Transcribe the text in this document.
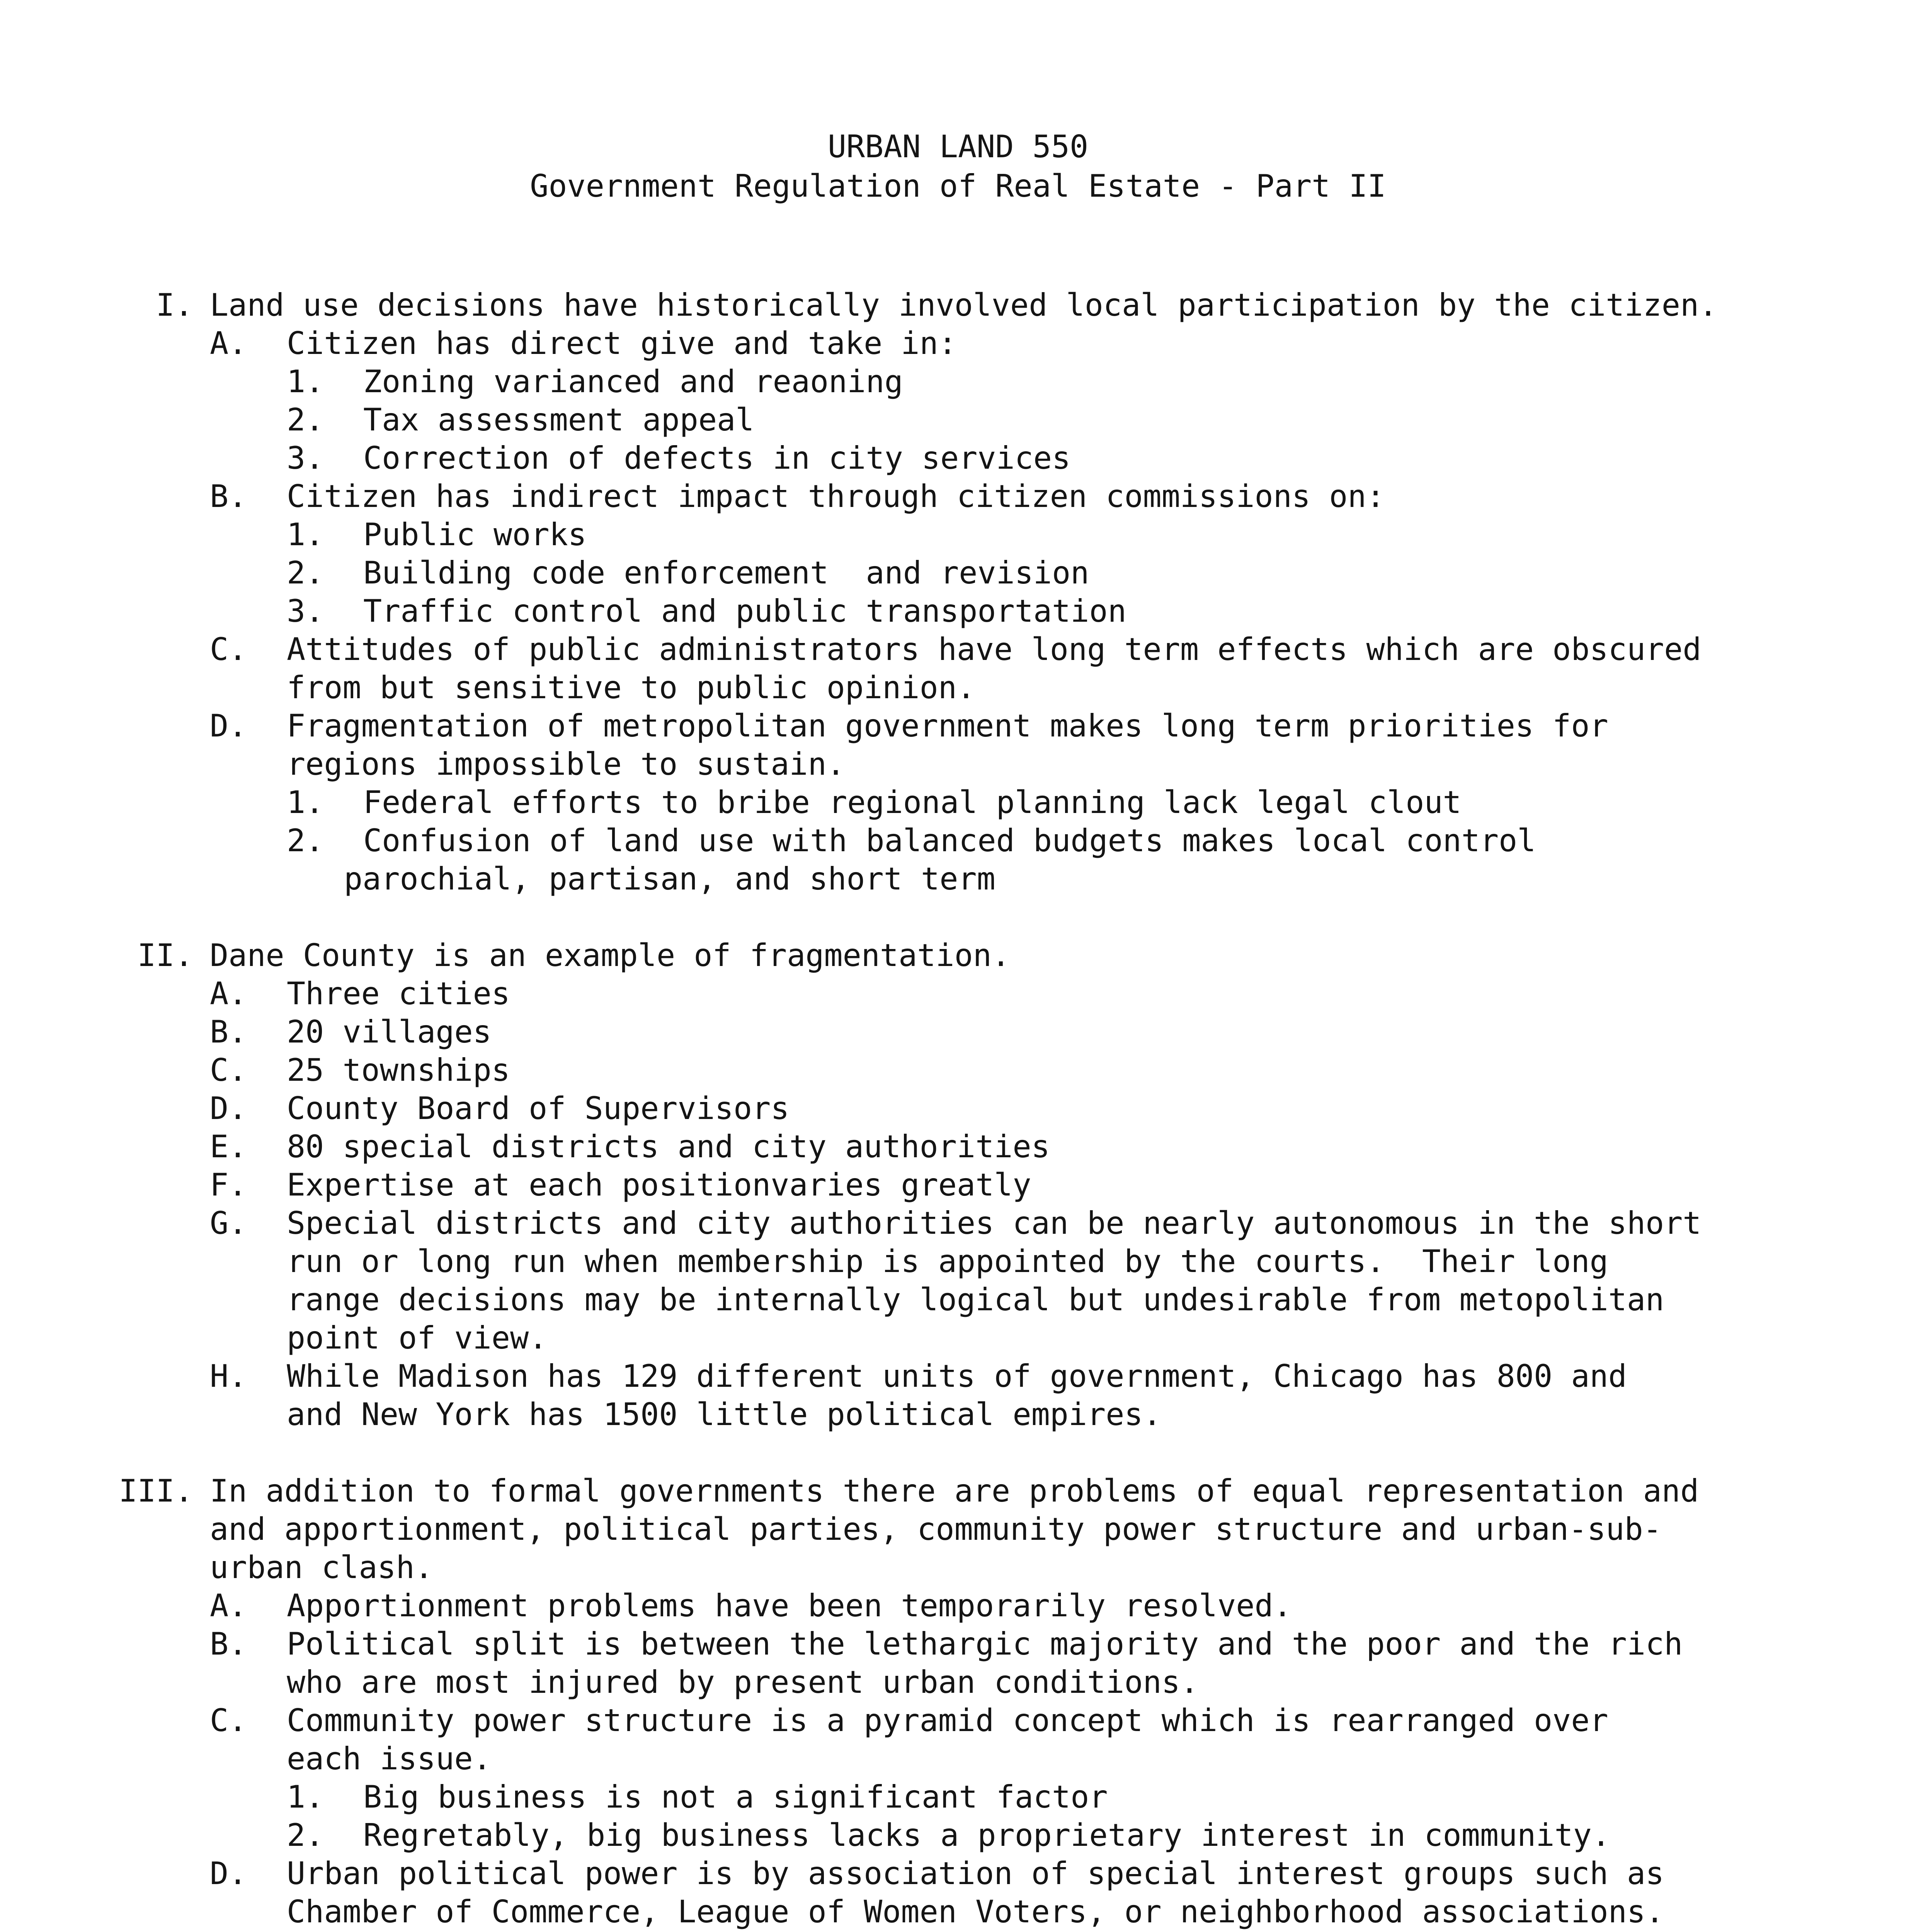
URBAN LAND 550

Government Regulation of Real Estate - Part II

I. Land use decisions have historically involved local participation by the citizen.
A. Citizen has direct give and take in:
1. Zoning varianced and reaoning
2. Tax assessment appeal
3. Correction of defects in city services
B. Citizen has indirect impact through citizen commissions on:
1. Public works
2. Building code enforcement  and revision
3. Traffic control and public transportation
C. Attitudes of public administrators have long term effects which are obscured
from but sensitive to public opinion.
D. Fragmentation of metropolitan government makes long term priorities for
regions impossible to sustain.
1. Federal efforts to bribe regional planning lack legal clout
2. Confusion of land use with balanced budgets makes local control
parochial, partisan, and short term
II. Dane County is an example of fragmentation.
A. Three cities
B. 20 villages
C. 25 townships
D. County Board of Supervisors
E. 80 special districts and city authorities
F. Expertise at each positionvaries greatly
G. Special districts and city authorities can be nearly autonomous in the short
run or long run when membership is appointed by the courts.  Their long
range decisions may be internally logical but undesirable from metopolitan
point of view.
H. While Madison has 129 different units of government, Chicago has 800 and
and New York has 1500 little political empires.
III. In addition to formal governments there are problems of equal representation and
and apportionment, political parties, community power structure and urban-sub-
urban clash.
A. Apportionment problems have been temporarily resolved.
B. Political split is between the lethargic majority and the poor and the rich
who are most injured by present urban conditions.
C. Community power structure is a pyramid concept which is rearranged over
each issue.
1. Big business is not a significant factor
2. Regretably, big business lacks a proprietary interest in community.
D. Urban political power is by association of special interest groups such as
Chamber of Commerce, League of Women Voters, or neighborhood associations.
